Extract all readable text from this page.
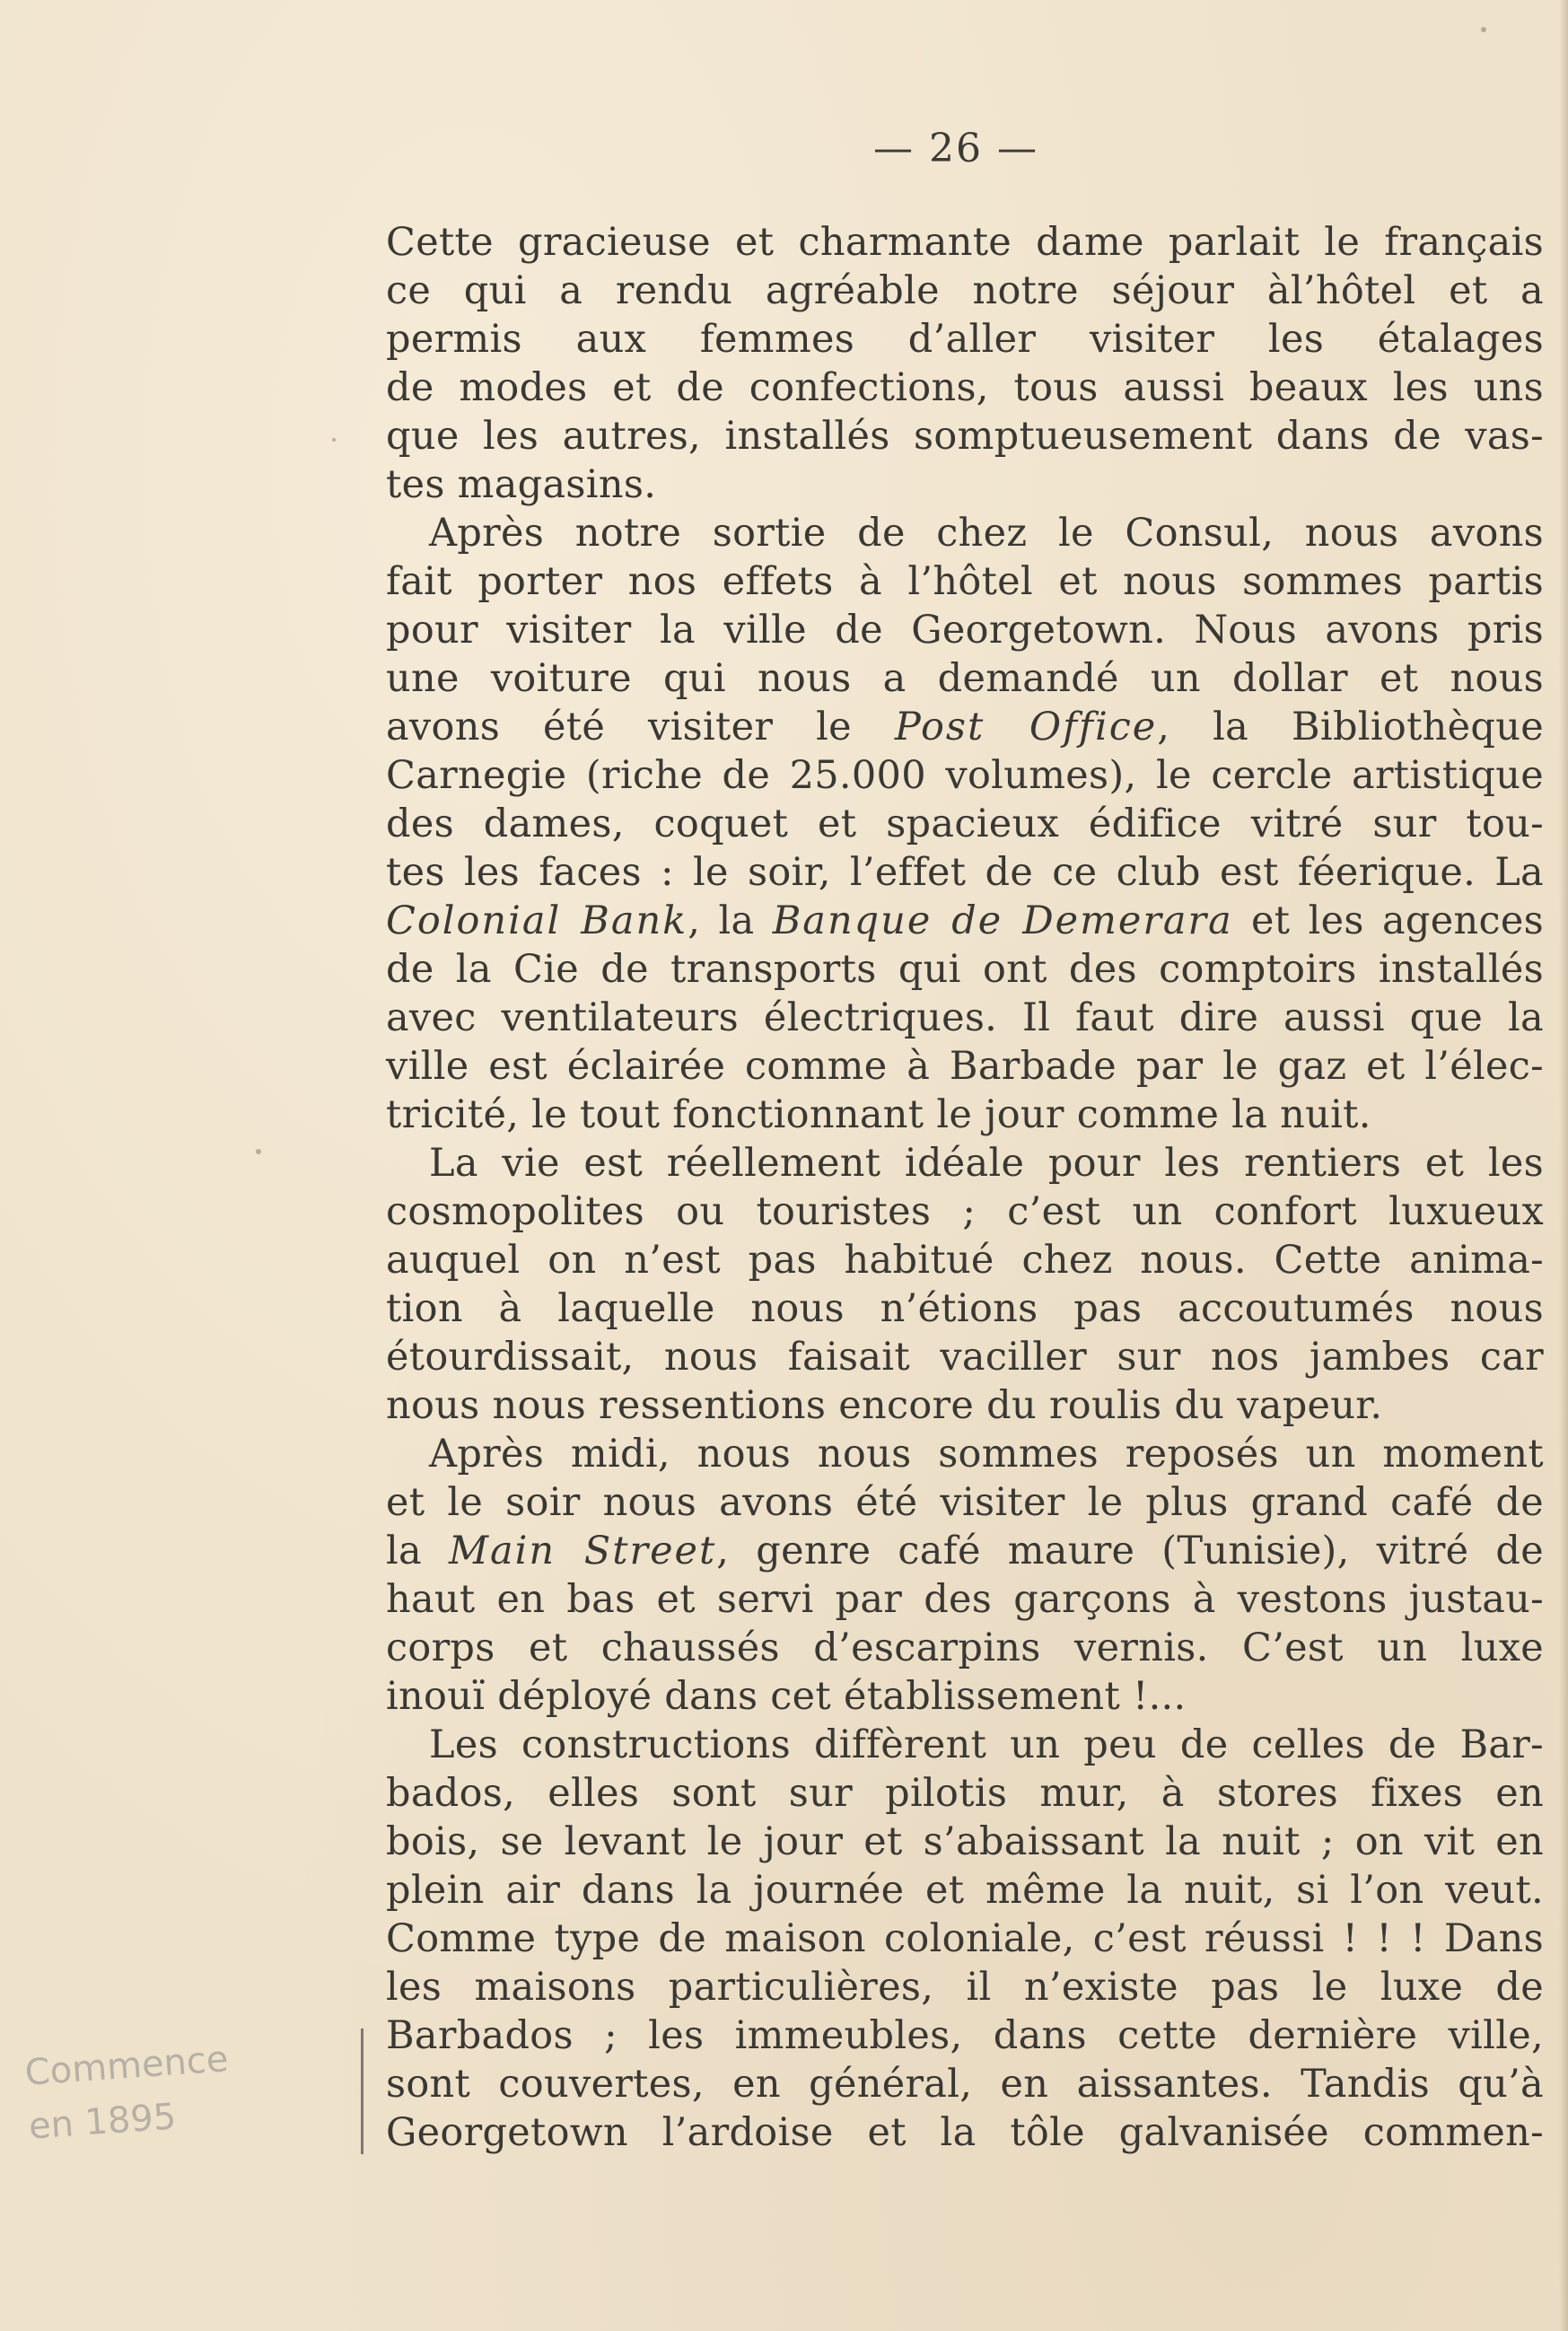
— 26 —
Cette gracieuse et charmante dame parlait le français
ce qui a rendu agréable notre séjour àl’hôtel et a
permis aux femmes d’aller visiter les étalages
de modes et de confections, tous aussi beaux les uns
que les autres, installés somptueusement dans de vas-
tes magasins.
Après notre sortie de chez le Consul, nous avons
fait porter nos effets à l’hôtel et nous sommes partis
pour visiter la ville de Georgetown. Nous avons pris
une voiture qui nous a demandé un dollar et nous
avons été visiter le Post Office, la Bibliothèque
Carnegie (riche de 25.000 volumes), le cercle artistique
des dames, coquet et spacieux édifice vitré sur tou-
tes les faces : le soir, l’effet de ce club est féerique. La
Colonial Bank, la Banque de Demerara et les agences
de la Cie de transports qui ont des comptoirs installés
avec ventilateurs électriques. Il faut dire aussi que la
ville est éclairée comme à Barbade par le gaz et l’élec-
tricité, le tout fonctionnant le jour comme la nuit.
La vie est réellement idéale pour les rentiers et les
cosmopolites ou touristes ; c’est un confort luxueux
auquel on n’est pas habitué chez nous. Cette anima-
tion à laquelle nous n’étions pas accoutumés nous
étourdissait, nous faisait vaciller sur nos jambes car
nous nous ressentions encore du roulis du vapeur.
Après midi, nous nous sommes reposés un moment
et le soir nous avons été visiter le plus grand café de
la Main Street, genre café maure (Tunisie), vitré de
haut en bas et servi par des garçons à vestons justau-
corps et chaussés d’escarpins vernis. C’est un luxe
inouï déployé dans cet établissement !...
Les constructions diffèrent un peu de celles de Bar-
bados, elles sont sur pilotis mur, à stores fixes en
bois, se levant le jour et s’abaissant la nuit ; on vit en
plein air dans la journée et même la nuit, si l’on veut.
Comme type de maison coloniale, c’est réussi ! ! ! Dans
les maisons particulières, il n’existe pas le luxe de
Barbados ; les immeubles, dans cette dernière ville,
sont couvertes, en général, en aissantes. Tandis qu’à
Georgetown l’ardoise et la tôle galvanisée commen-
Commence
en 1895
